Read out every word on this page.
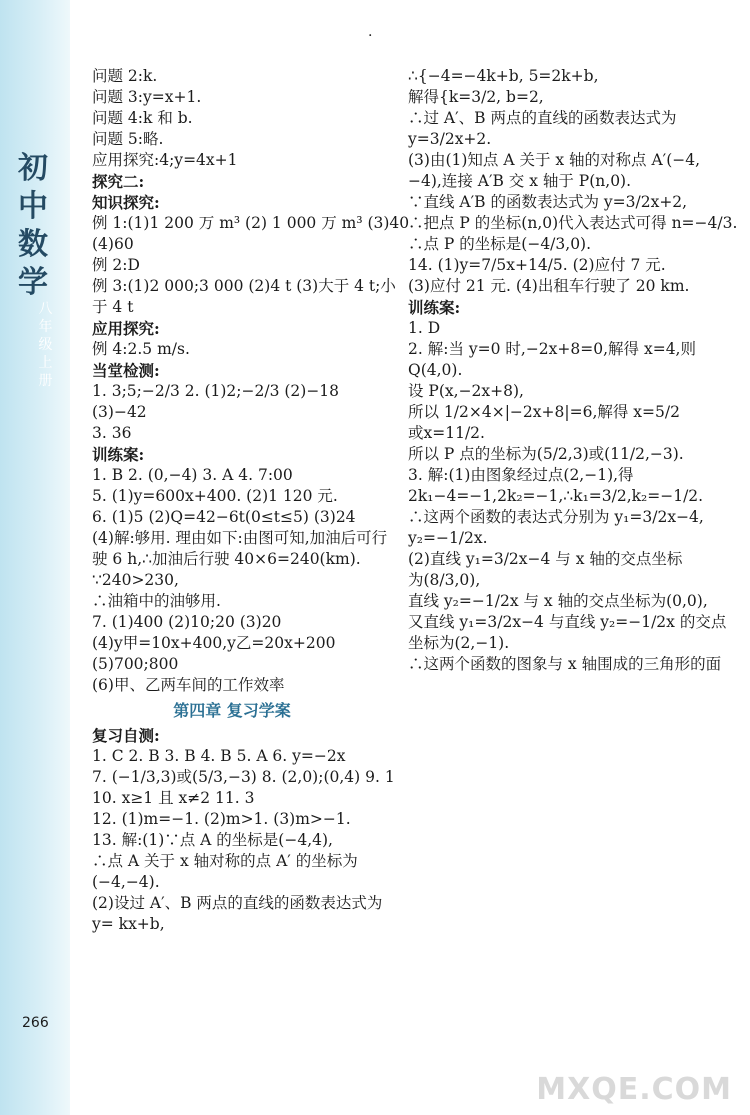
初中数学
八年级上册
.
问题 2:k.
问题 3:y=x+1.
问题 4:k 和 b.
问题 5:略.
应用探究:4;y=4x+1
探究二:
知识探究:
例 1:(1)1 200 万 m³ (2) 1 000 万 m³ (3)40
(4)60
例 2:D
例 3:(1)2 000;3 000 (2)4 t (3)大于 4 t;小
于 4 t
应用探究:
例 4:2.5 m/s.
当堂检测:
1. 3;5;−2/3 2. (1)2;−2/3 (2)−18
(3)−42
3. 36
训练案:
1. B 2. (0,−4) 3. A 4. 7:00
5. (1)y=600x+400. (2)1 120 元.
6. (1)5 (2)Q=42−6t(0≤t≤5) (3)24
(4)解:够用. 理由如下:由图可知,加油后可行
驶 6 h,∴加油后行驶 40×6=240(km).
∵240>230,
∴油箱中的油够用.
7. (1)400 (2)10;20 (3)20
(4)y甲=10x+400,y乙=20x+200
(5)700;800
(6)甲、乙两车间的工作效率
第四章 复习学案
复习自测:
1. C 2. B 3. B 4. B 5. A 6. y=−2x
7. (−1/3,3)或(5/3,−3) 8. (2,0);(0,4) 9. 1
10. x≥1 且 x≠2 11. 3
12. (1)m=−1. (2)m>1. (3)m>−1.
13. 解:(1)∵点 A 的坐标是(−4,4),
∴点 A 关于 x 轴对称的点 A′ 的坐标为
(−4,−4).
(2)设过 A′、B 两点的直线的函数表达式为
y= kx+b,
∴{−4=−4k+b, 5=2k+b,
解得{k=3/2, b=2,
∴过 A′、B 两点的直线的函数表达式为
y=3/2x+2.
(3)由(1)知点 A 关于 x 轴的对称点 A′(−4,
−4),连接 A′B 交 x 轴于 P(n,0).
∵直线 A′B 的函数表达式为 y=3/2x+2,
∴把点 P 的坐标(n,0)代入表达式可得 n=−4/3.
∴点 P 的坐标是(−4/3,0).
14. (1)y=7/5x+14/5. (2)应付 7 元.
(3)应付 21 元. (4)出租车行驶了 20 km.
训练案:
1. D
2. 解:当 y=0 时,−2x+8=0,解得 x=4,则
Q(4,0).
设 P(x,−2x+8),
所以 1/2×4×|−2x+8|=6,解得 x=5/2
或x=11/2.
所以 P 点的坐标为(5/2,3)或(11/2,−3).
3. 解:(1)由图象经过点(2,−1),得
2k₁−4=−1,2k₂=−1,∴k₁=3/2,k₂=−1/2.
∴这两个函数的表达式分别为 y₁=3/2x−4,
y₂=−1/2x.
(2)直线 y₁=3/2x−4 与 x 轴的交点坐标
为(8/3,0),
直线 y₂=−1/2x 与 x 轴的交点坐标为(0,0),
又直线 y₁=3/2x−4 与直线 y₂=−1/2x 的交点
坐标为(2,−1).
∴这两个函数的图象与 x 轴围成的三角形的面
266
MXQE.COM
